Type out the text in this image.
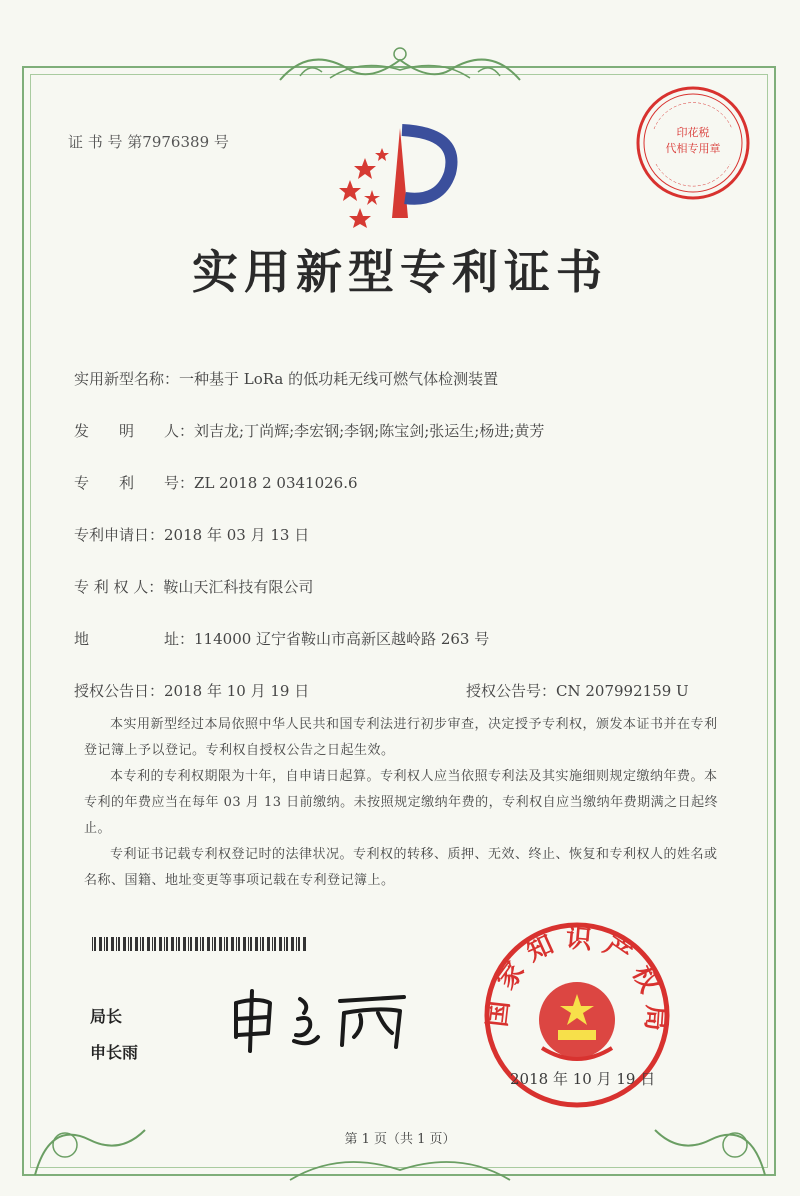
证 书 号 第7976389 号
印花税
代相专用章
实用新型专利证书
实用新型名称：一种基于 LoRa 的低功耗无线可燃气体检测装置
发　　明　　人：刘吉龙;丁尚辉;李宏钢;李钢;陈宝剑;张运生;杨进;黄芳
专　　利　　号：ZL 2018 2 0341026.6
专利申请日：2018 年 03 月 13 日
专 利 权 人：鞍山天汇科技有限公司
地　　　　　址：114000 辽宁省鞍山市高新区越岭路 263 号
授权公告日：2018 年 10 月 19 日	授权公告号：CN 207992159 U

本实用新型经过本局依照中华人民共和国专利法进行初步审查，决定授予专利权，颁发本证书并在专利登记簿上予以登记。专利权自授权公告之日起生效。

本专利的专利权期限为十年，自申请日起算。专利权人应当依照专利法及其实施细则规定缴纳年费。本专利的年费应当在每年 03 月 13 日前缴纳。未按照规定缴纳年费的，专利权自应当缴纳年费期满之日起终止。

专利证书记载专利权登记时的法律状况。专利权的转移、质押、无效、终止、恢复和专利权人的姓名或名称、国籍、地址变更等事项记载在专利登记簿上。

局长
申长雨
国家知识产权局
2018 年 10 月 19 日
第 1 页（共 1 页）
